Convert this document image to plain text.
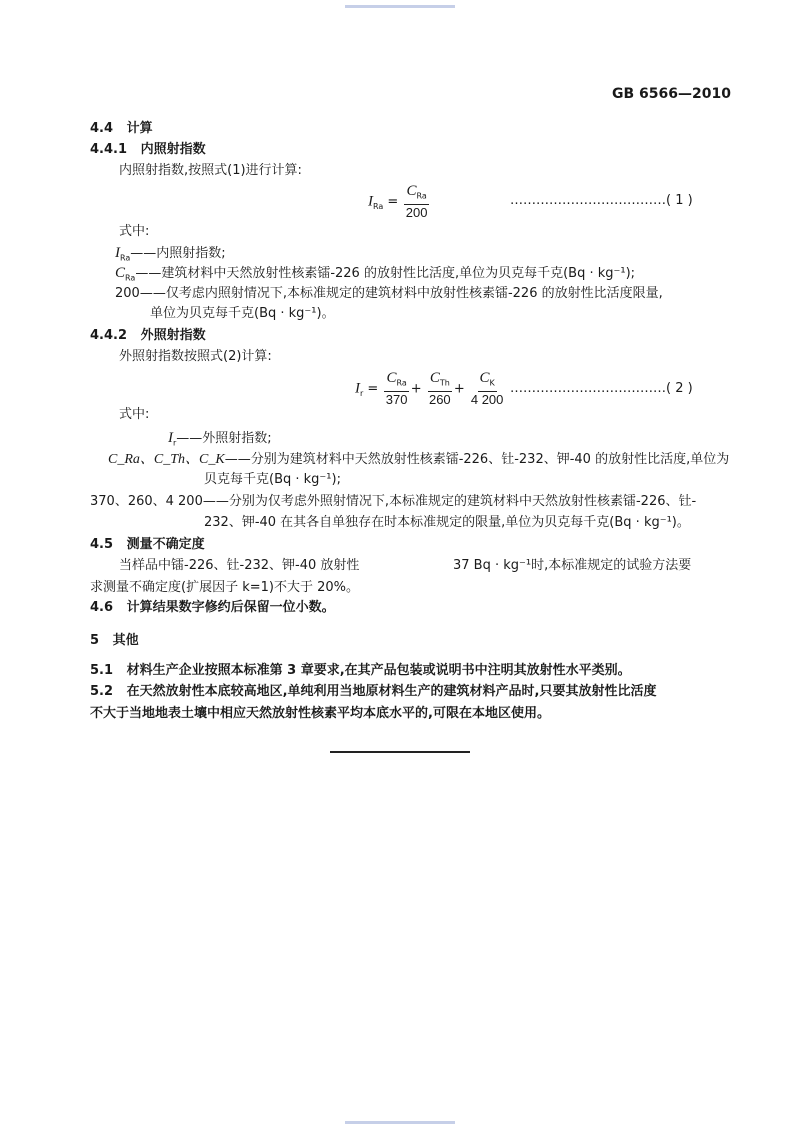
GB 6566—2010
4.4 计算
4.4.1 内照射指数
内照射指数,按照式(1)进行计算:
$I_{Ra} = \frac{C_{Ra}}{200}$	………………………………( 1 )
式中:
$I_{Ra}——$内照射指数;
$C_{Ra}——$建筑材料中天然放射性核素镭-226 的放射性比活度,单位为贝克每千克(Bq · kg⁻¹);
200——仅考虑内照射情况下,本标准规定的建筑材料中放射性核素镭-226 的放射性比活度限量,
单位为贝克每千克(Bq · kg⁻¹)。
4.4.2 外照射指数
外照射指数按照式(2)计算:
$I_r = \frac{C_{Ra}}{370} + \frac{C_{Th}}{260} + \frac{C_K}{4 200}$ ………………………………( 2 )
式中:
$I_r——$外照射指数;
C_Ra、C_Th、C_K——分别为建筑材料中天然放射性核素镭-226、钍-232、钾-40 的放射性比活度,单位为
贝克每千克(Bq · kg⁻¹);
370、260、4 200——分别为仅考虑外照射情况下,本标准规定的建筑材料中天然放射性核素镭-226、钍-
232、钾-40 在其各自单独存在时本标准规定的限量,单位为贝克每千克(Bq · kg⁻¹)。
4.5 测量不确定度
当样品中镭-226、钍-232、钾-40 放射性	37 Bq · kg⁻¹时,本标准规定的试验方法要
求测量不确定度(扩展因子 k=1)不大于 20%。
4.6 计算结果数字修约后保留一位小数。
5 其他
5.1 材料生产企业按照本标准第 3 章要求,在其产品包装或说明书中注明其放射性水平类别。
5.2 在天然放射性本底较高地区,单纯利用当地原材料生产的建筑材料产品时,只要其放射性比活度
不大于当地地表土壤中相应天然放射性核素平均本底水平的,可限在本地区使用。
